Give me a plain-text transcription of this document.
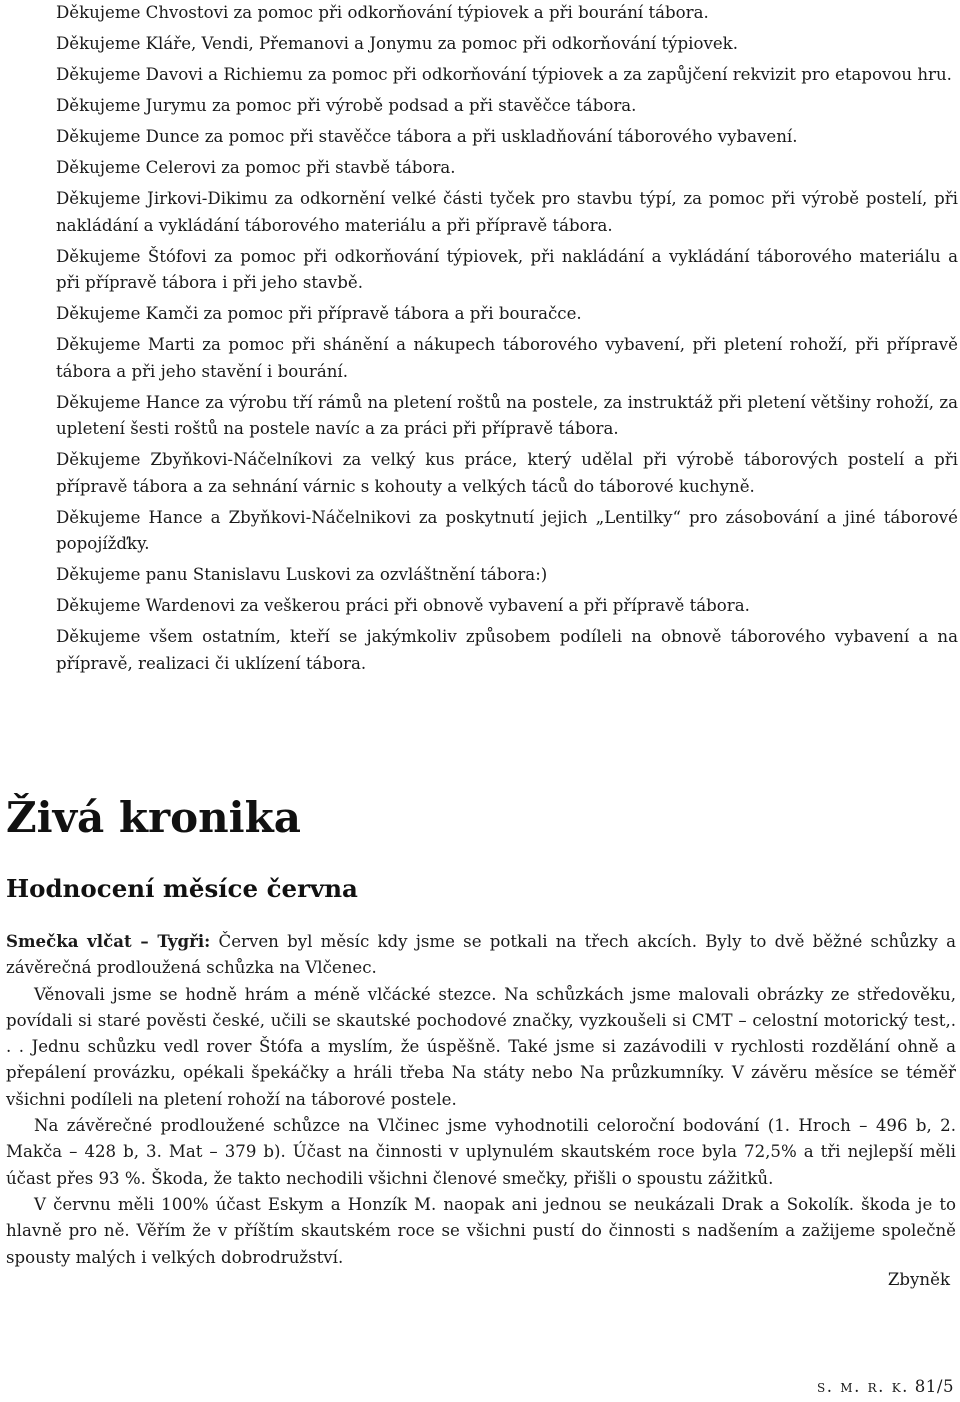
Děkujeme Chvostovi za pomoc při odkorňování týpiovek a při bourání tábora.

Děkujeme Kláře, Vendi, Přemanovi a Jonymu za pomoc při odkorňování týpiovek.

Děkujeme Davovi a Richiemu za pomoc při odkorňování týpiovek a za zapůjčení rekvizit pro etapovou hru.

Děkujeme Jurymu za pomoc při výrobě podsad a při stavěčce tábora.

Děkujeme Dunce za pomoc při stavěčce tábora a při uskladňování táborového vybavení.

Děkujeme Celerovi za pomoc při stavbě tábora.

Děkujeme Jirkovi-Dikimu za odkornění velké části tyček pro stavbu týpí, za pomoc při výrobě postelí, při nakládání a vykládání táborového materiálu a při přípravě tábora.

Děkujeme Štófovi za pomoc při odkorňování týpiovek, při nakládání a vykládání táborového materiálu a při přípravě tábora i při jeho stavbě.

Děkujeme Kamči za pomoc při přípravě tábora a při bouračce.

Děkujeme Marti za pomoc při shánění a nákupech táborového vybavení, při pletení rohoží, při přípravě tábora a při jeho stavění i bourání.

Děkujeme Hance za výrobu tří rámů na pletení roštů na postele, za instruktáž při pletení většiny rohoží, za upletení šesti roštů na postele navíc a za práci při přípravě tábora.

Děkujeme Zbyňkovi-Náčelníkovi za velký kus práce, který udělal při výrobě táborových postelí a při přípravě tábora a za sehnání várnic s kohouty a velkých táců do táborové kuchyně.

Děkujeme Hance a Zbyňkovi-Náčelnikovi za poskytnutí jejich „Lentilky“ pro zásobování a jiné táborové popojížďky.

Děkujeme panu Stanislavu Luskovi za ozvláštnění tábora:)

Děkujeme Wardenovi za veškerou práci při obnově vybavení a při přípravě tábora.

Děkujeme všem ostatním, kteří se jakýmkoliv způsobem podíleli na obnově táborového vybavení a na přípravě, realizaci či uklízení tábora.

Živá kronika
Hodnocení měsíce června

Smečka vlčat – Tygři: Červen byl měsíc kdy jsme se potkali na třech akcích. Byly to dvě běžné schůzky a závěrečná prodloužená schůzka na Vlčenec.

Věnovali jsme se hodně hrám a méně vlčácké stezce. Na schůzkách jsme malovali obrázky ze středověku, povídali si staré pověsti české, učili se skautské pochodové značky, vyzkoušeli si CMT – celostní motorický test,. . . Jednu schůzku vedl rover Štófa a myslím, že úspěšně. Také jsme si zazávodili v rychlosti rozdělání ohně a přepálení provázku, opékali špekáčky a hráli třeba Na státy nebo Na průzkumníky. V závěru měsíce se téměř všichni podíleli na pletení rohoží na táborové postele.

Na závěrečné prodloužené schůzce na Vlčinec jsme vyhodnotili celoroční bodování (1. Hroch – 496 b, 2. Makča – 428 b, 3. Mat – 379 b). Účast na činnosti v uplynulém skautském roce byla 72,5% a tři nejlepší měli účast přes 93 %. Škoda, že takto nechodili všichni členové smečky, přišli o spoustu zážitků.

V červnu měli 100% účast Eskym a Honzík M. naopak ani jednou se neukázali Drak a Sokolík. škoda je to hlavně pro ně. Věřím že v příštím skautském roce se všichni pustí do činnosti s nadšením a zažijeme společně spousty malých i velkých dobrodružství.

Zbyněk
s. m. r. k. 81/5
